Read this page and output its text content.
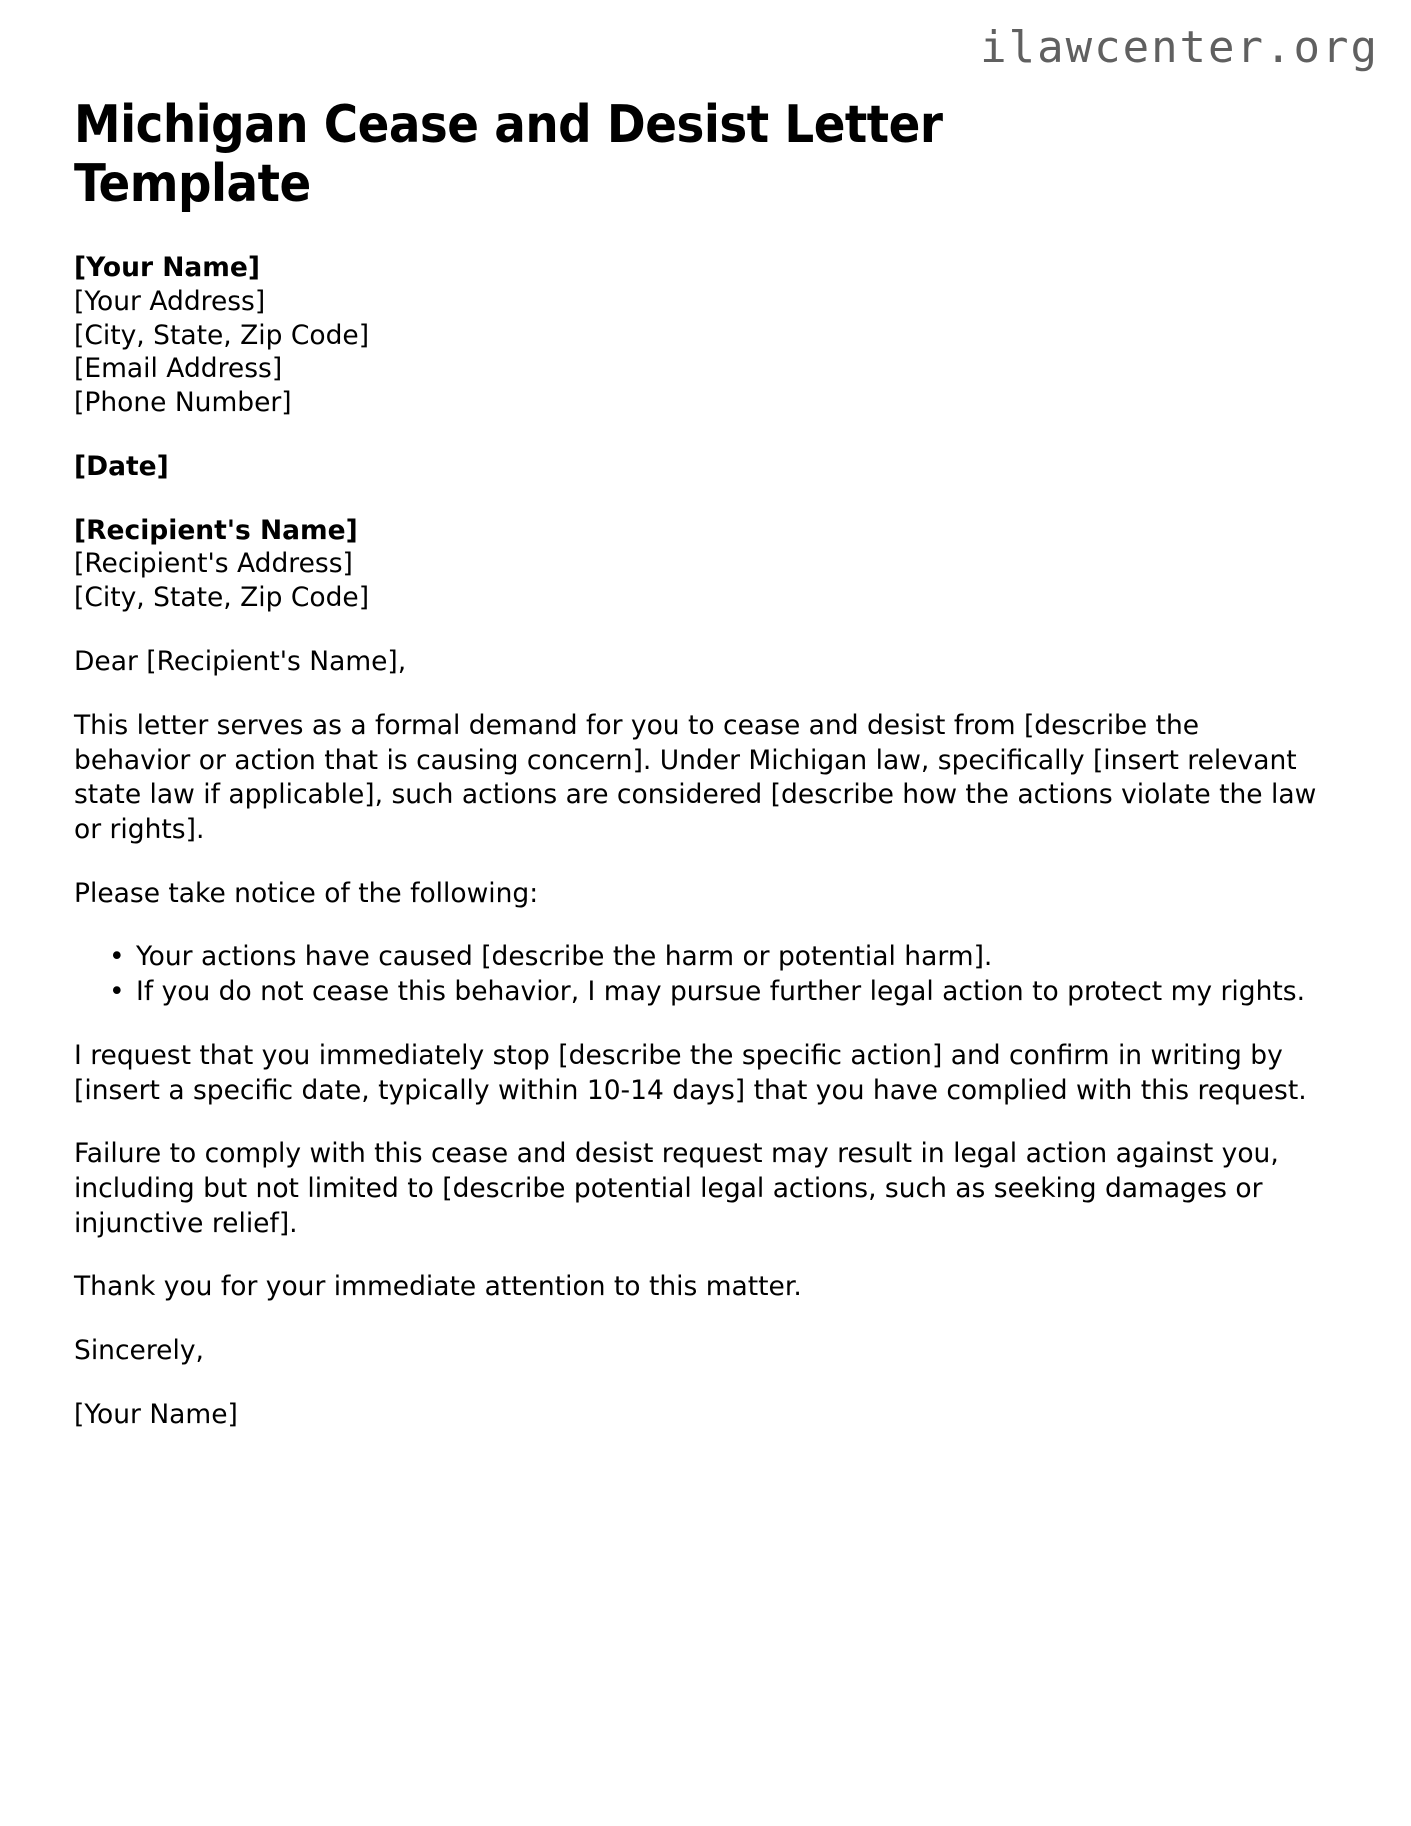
ilawcenter.org
Michigan Cease and Desist Letter Template
[Your Name]
[Your Address]
[City, State, Zip Code]
[Email Address]
[Phone Number]
[Date]
[Recipient's Name]
[Recipient's Address]
[City, State, Zip Code]

Dear [Recipient's Name],

This letter serves as a formal demand for you to cease and desist from [describe the behavior or action that is causing concern]. Under Michigan law, specifically [insert relevant state law if applicable], such actions are considered [describe how the actions violate the law or rights].

Please take notice of the following:

• Your actions have caused [describe the harm or potential harm].
• If you do not cease this behavior, I may pursue further legal action to protect my rights.

I request that you immediately stop [describe the specific action] and confirm in writing by [insert a specific date, typically within 10-14 days] that you have complied with this request.

Failure to comply with this cease and desist request may result in legal action against you, including but not limited to [describe potential legal actions, such as seeking damages or injunctive relief].

Thank you for your immediate attention to this matter.

Sincerely,

[Your Name]
